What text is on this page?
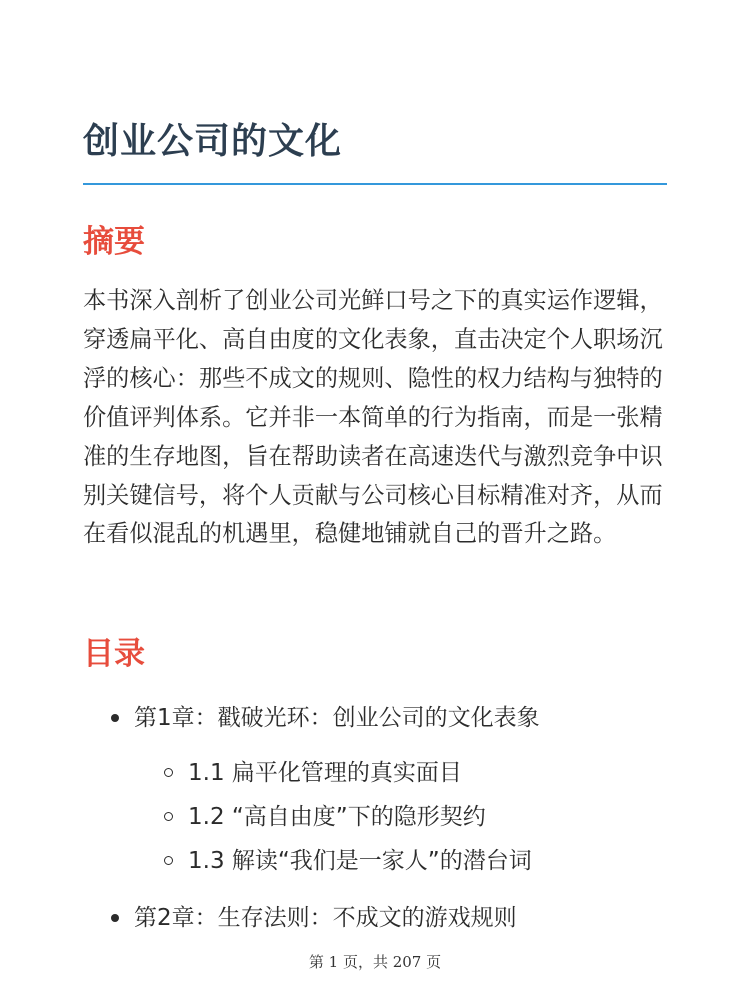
创业公司的文化
摘要

本书深入剖析了创业公司光鲜口号之下的真实运作逻辑，穿透扁平化、高自由度的文化表象，直击决定个人职场沉浮的核心：那些不成文的规则、隐性的权力结构与独特的价值评判体系。它并非一本简单的行为指南，而是一张精准的生存地图，旨在帮助读者在高速迭代与激烈竞争中识别关键信号，将个人贡献与公司核心目标精准对齐，从而在看似混乱的机遇里，稳健地铺就自己的晋升之路。

目录
第1章：戳破光环：创业公司的文化表象
1.1 扁平化管理的真实面目
1.2 “高自由度”下的隐形契约
1.3 解读“我们是一家人”的潜台词
第2章：生存法则：不成文的游戏规则
第 1 页，共 207 页
